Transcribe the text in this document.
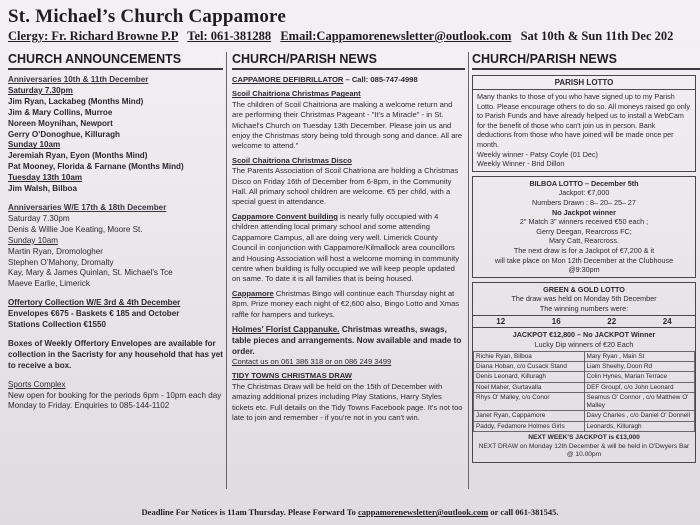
St. Michael’s Church Cappamore
Clergy: Fr. Richard Browne P.P Tel: 061-381288 Email:Cappamorenewsletter@outlook.com Sat 10th & Sun 11th Dec 202
CHURCH ANNOUNCEMENTS

Anniversaries 10th & 11th December

Saturday 7.30pm

Jim Ryan, Lackabeg (Months Mind)

Jim & Mary Collins, Murroe

Noreen Moynihan, Newport

Gerry O’Donoghue, Killuragh

Sunday 10am

Jeremiah Ryan, Eyon (Months Mind)

Pat Mooney, Florida & Farnane (Months Mind)

Tuesday 13th 10am

Jim Walsh, Bilboa

Anniversaries W/E 17th & 18th December

Saturday 7.30pm

Denis & Willie Joe Keating, Moore St.

Sunday 10am

Martin Ryan, Dromologher

Stephen O’Mahony, Dromalty

Kay, Mary & James Quinlan, St. Michael’s Tce

Maeve Earlie, Limerick

Offertory Collection W/E 3rd & 4th December

Envelopes €675 - Baskets € 185 and October

Stations Collection €1550

Boxes of Weekly Offertory Envelopes are available for collection in the Sacristy for any household that has yet to receive a box.

Sports Complex

New open for booking for the periods 6pm - 10pm each day Monday to Friday. Enquiries to 085-144-1102

CHURCH/PARISH NEWS

CAPPAMORE DEFIBRILLATOR – Call: 085-747-4998

Scoil Chaitriona Christmas Pageant

The children of Scoil Chaitriona are making a welcome return and are performing their Christmas Pageant - "It's a Miracle" - in St. Michael's Church on Tuesday 13th December. Please join us and enjoy the Christmas story being told through song and dance. All are welcome to attend."

Scoil Chaitriona Christmas Disco

The Parents Association of Scoil Chatriona are holding a Christmas Disco on Friday 16th of December from 6-8pm, in the Community Hall. All primary school children are welcome. €5 per child, with a special guest in attendance.

Cappamore Convent building is nearly fully occupied with 4 children attending local primary school and some attending Cappamore Campus, all are doing very well. Limerick County Council in conjunction with Cappamore/Kilmallock area councillors and Housing Association will host a welcome morning in community centre when building is fully occupied we will keep people updated on same. To date it is all families that is being housed.

Cappamore Christmas Bingo will continue each Thursday night at 8pm. Prize money each night of €2,600 also, Bingo Lotto and Xmas raffle for hampers and turkeys.

Holmes' Florist Cappanuke. Christmas wreaths, swags, table pieces and arrangements. Now available and made to order.

Contact us on 061 386 318 or on 086 249 3499

TIDY TOWNS CHRISTMAS DRAW

The Christmas Draw will be held on the 15th of December with amazing additional prizes including Play Stations, Harry Styles tickets etc. Full details on the Tidy Towns Facebook page. It's not too late to join and remember - if you're not in you can't win.

CHURCH/PARISH NEWS
PARISH LOTTO
Many thanks to those of you who have signed up to my Parish Lotto. Please encourage others to do so. All moneys raised go only to Parish Funds and have already helped us to install a WebCam for the benefit of those who can't join us in person. Bank deductions from those who have joined will be made once per month.
Weekly winner - Patsy Coyle (01 Dec)
Weekly Winner - Brid Dillon
BILBOA LOTTO – December 5th
Jackpot: €7,000
Numbers Drawn : 8– 20– 25– 27
No Jackpot winner
2" Match 3" winners received €50 each ;
Gerry Deegan, Rearcross FC;
Mary Catt, Rearcross.
The next draw is for a Jackpot of €7,200 & it
will take place on Mon 12th December at the Clubhouse
@9:30pm
GREEN & GOLD LOTTO
The draw was held on Monday 5th December
The winning numbers were:
12	16	22	24
JACKPOT €12,800 – No JACKPOT Winner
Lucky Dip winners of €20 Each
Richie Ryan, Bilboa	Mary Ryan , Main St
Diana Hoban, c/o Cusack Stand	Liam Sheehy, Doon Rd
Denis Leonard, Killuragh	Colin Hynes, Marian Terrace
Noel Maher, Gurtavalla	DEF Groupf, c/o John Leonard
Rhys O' Malley, c/o Conor	Seamus O' Connor , c/o Matthew O' Malley
Janet Ryan, Cappamore	Davy Charles , c/o Daniel O' Donnell
Paddy, Fedamore Holmes Girls	Leonards, Killuragh
NEXT WEEK'S JACKPOT is €13,000
NEXT DRAW on Monday 12th December & will be held in O'Dwyers Bar @ 10.00pm
Deadline For Notices is 11am Thursday. Please Forward To cappamorenewsletter@outlook.com or call 061-381545.
